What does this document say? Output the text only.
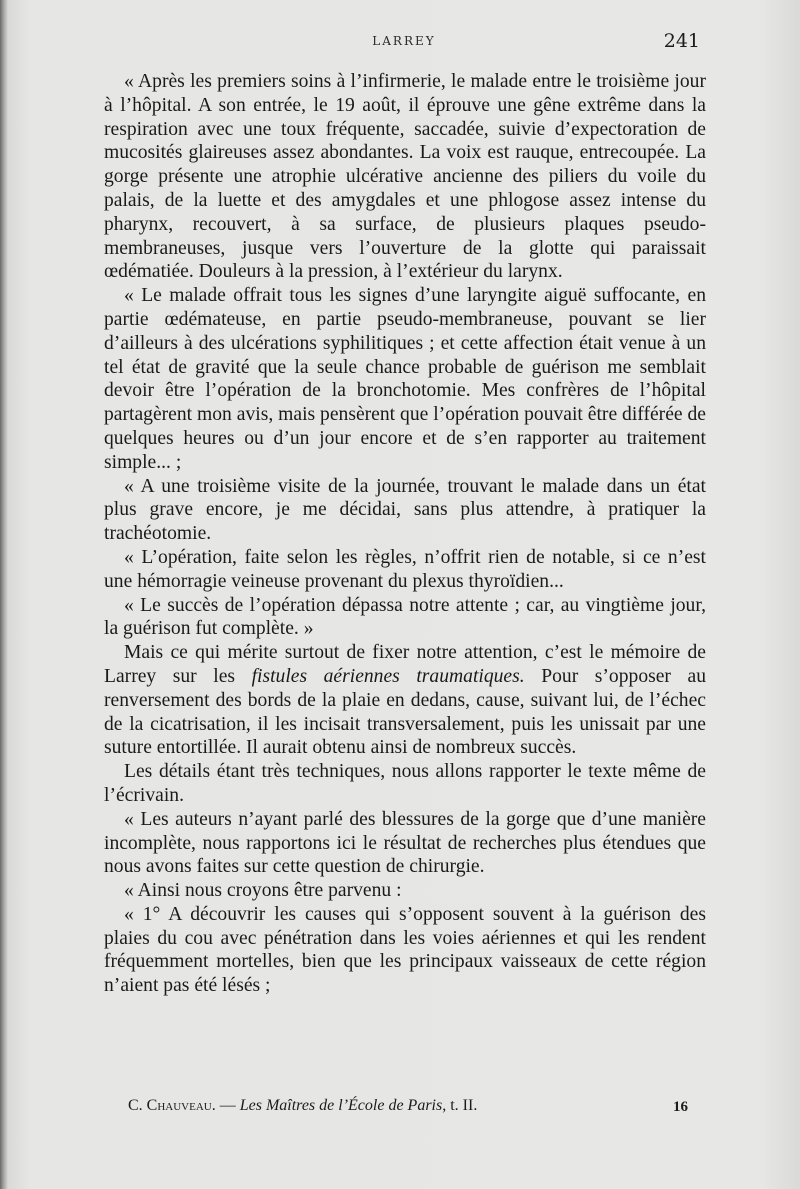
LARREY	241

« Après les premiers soins à l’infirmerie, le malade entre le troisième jour à l’hôpital. A son entrée, le 19 août, il éprouve une gêne extrême dans la respiration avec une toux fréquente, saccadée, suivie d’expectoration de mucosités glaireuses assez abondantes. La voix est rauque, entrecoupée. La gorge présente une atrophie ulcérative ancienne des piliers du voile du palais, de la luette et des amygdales et une phlogose assez intense du pharynx, recouvert, à sa surface, de plusieurs plaques pseudo-membraneuses, jusque vers l’ouverture de la glotte qui paraissait œdématiée. Douleurs à la pression, à l’extérieur du larynx.

« Le malade offrait tous les signes d’une laryngite aiguë suffocante, en partie œdémateuse, en partie pseudo-membraneuse, pouvant se lier d’ailleurs à des ulcérations syphilitiques ; et cette affection était venue à un tel état de gravité que la seule chance probable de guérison me semblait devoir être l’opération de la bronchotomie. Mes confrères de l’hôpital partagèrent mon avis, mais pensèrent que l’opération pouvait être différée de quelques heures ou d’un jour encore et de s’en rapporter au traitement simple... ;

« A une troisième visite de la journée, trouvant le malade dans un état plus grave encore, je me décidai, sans plus attendre, à pratiquer la trachéotomie.

« L’opération, faite selon les règles, n’offrit rien de notable, si ce n’est une hémorragie veineuse provenant du plexus thyroïdien...

« Le succès de l’opération dépassa notre attente ; car, au vingtième jour, la guérison fut complète. »

Mais ce qui mérite surtout de fixer notre attention, c’est le mémoire de Larrey sur les fistules aériennes traumatiques. Pour s’opposer au renversement des bords de la plaie en dedans, cause, suivant lui, de l’échec de la cicatrisation, il les incisait transversalement, puis les unissait par une suture entortillée. Il aurait obtenu ainsi de nombreux succès.

Les détails étant très techniques, nous allons rapporter le texte même de l’écrivain.

« Les auteurs n’ayant parlé des blessures de la gorge que d’une manière incomplète, nous rapportons ici le résultat de recherches plus étendues que nous avons faites sur cette question de chirurgie.

« Ainsi nous croyons être parvenu :

« 1° A découvrir les causes qui s’opposent souvent à la guérison des plaies du cou avec pénétration dans les voies aériennes et qui les rendent fréquemment mortelles, bien que les principaux vaisseaux de cette région n’aient pas été lésés ;

C. Chauveau. — Les Maîtres de l’École de Paris, t. II.	16
